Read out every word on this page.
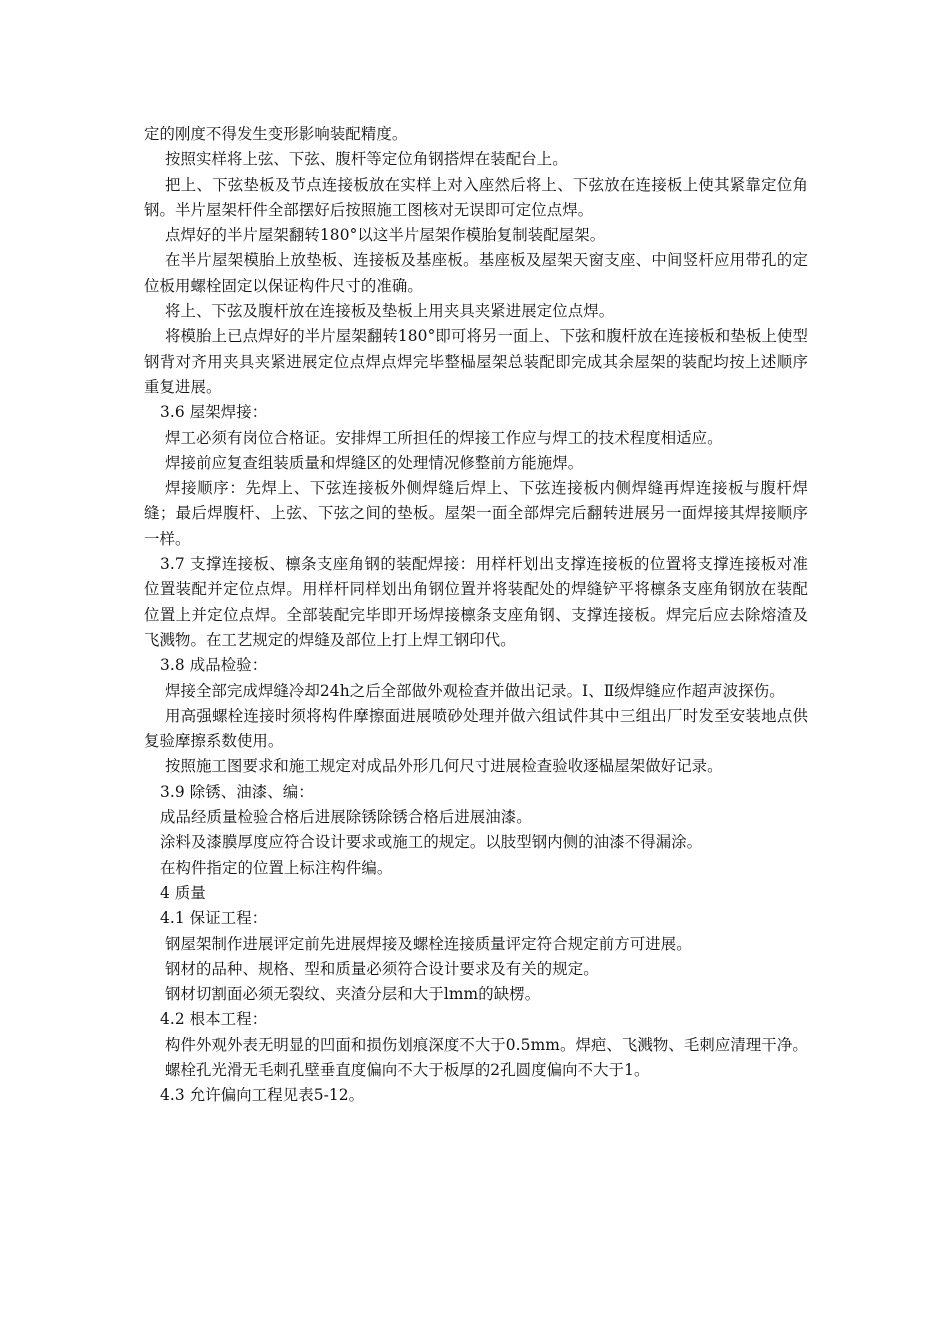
定的刚度不得发生变形影响装配精度。

按照实样将上弦、下弦、腹杆等定位角钢搭焊在装配台上。

把上、下弦垫板及节点连接板放在实样上对入座然后将上、下弦放在连接板上使其紧靠定位角钢。半片屋架杆件全部摆好后按照施工图核对无误即可定位点焊。

点焊好的半片屋架翻转180°以这半片屋架作模胎复制装配屋架。

在半片屋架模胎上放垫板、连接板及基座板。基座板及屋架天窗支座、中间竖杆应用带孔的定位板用螺栓固定以保证构件尺寸的准确。

将上、下弦及腹杆放在连接板及垫板上用夹具夹紧进展定位点焊。

将模胎上已点焊好的半片屋架翻转180°即可将另一面上、下弦和腹杆放在连接板和垫板上使型钢背对齐用夹具夹紧进展定位点焊点焊完毕整榀屋架总装配即完成其余屋架的装配均按上述顺序重复进展。

3.6 屋架焊接：

焊工必须有岗位合格证。安排焊工所担任的焊接工作应与焊工的技术程度相适应。

焊接前应复查组装质量和焊缝区的处理情况修整前方能施焊。

焊接顺序：先焊上、下弦连接板外侧焊缝后焊上、下弦连接板内侧焊缝再焊连接板与腹杆焊缝；最后焊腹杆、上弦、下弦之间的垫板。屋架一面全部焊完后翻转进展另一面焊接其焊接顺序一样。

3.7 支撑连接板、檩条支座角钢的装配焊接：用样杆划出支撑连接板的位置将支撑连接板对准位置装配并定位点焊。用样杆同样划出角钢位置并将装配处的焊缝铲平将檩条支座角钢放在装配位置上并定位点焊。全部装配完毕即开场焊接檩条支座角钢、支撑连接板。焊完后应去除熔渣及飞溅物。在工艺规定的焊缝及部位上打上焊工钢印代。

3.8 成品检验：

焊接全部完成焊缝冷却24h之后全部做外观检查并做出记录。Ⅰ、Ⅱ级焊缝应作超声波探伤。

用高强螺栓连接时须将构件摩擦面进展喷砂处理并做六组试件其中三组出厂时发至安装地点供复验摩擦系数使用。

按照施工图要求和施工规定对成品外形几何尺寸进展检查验收逐榀屋架做好记录。

3.9 除锈、油漆、编：

成品经质量检验合格后进展除锈除锈合格后进展油漆。

涂料及漆膜厚度应符合设计要求或施工的规定。以肢型钢内侧的油漆不得漏涂。

在构件指定的位置上标注构件编。

4 质量

4.1 保证工程：

钢屋架制作进展评定前先进展焊接及螺栓连接质量评定符合规定前方可进展。

钢材的品种、规格、型和质量必须符合设计要求及有关的规定。

钢材切割面必须无裂纹、夹渣分层和大于lmm的缺楞。

4.2 根本工程：

构件外观外表无明显的凹面和损伤划痕深度不大于0.5mm。焊疤、飞溅物、毛刺应清理干净。

螺栓孔光滑无毛刺孔壁垂直度偏向不大于板厚的2孔圆度偏向不大于1。

4.3 允许偏向工程见表5-12。
